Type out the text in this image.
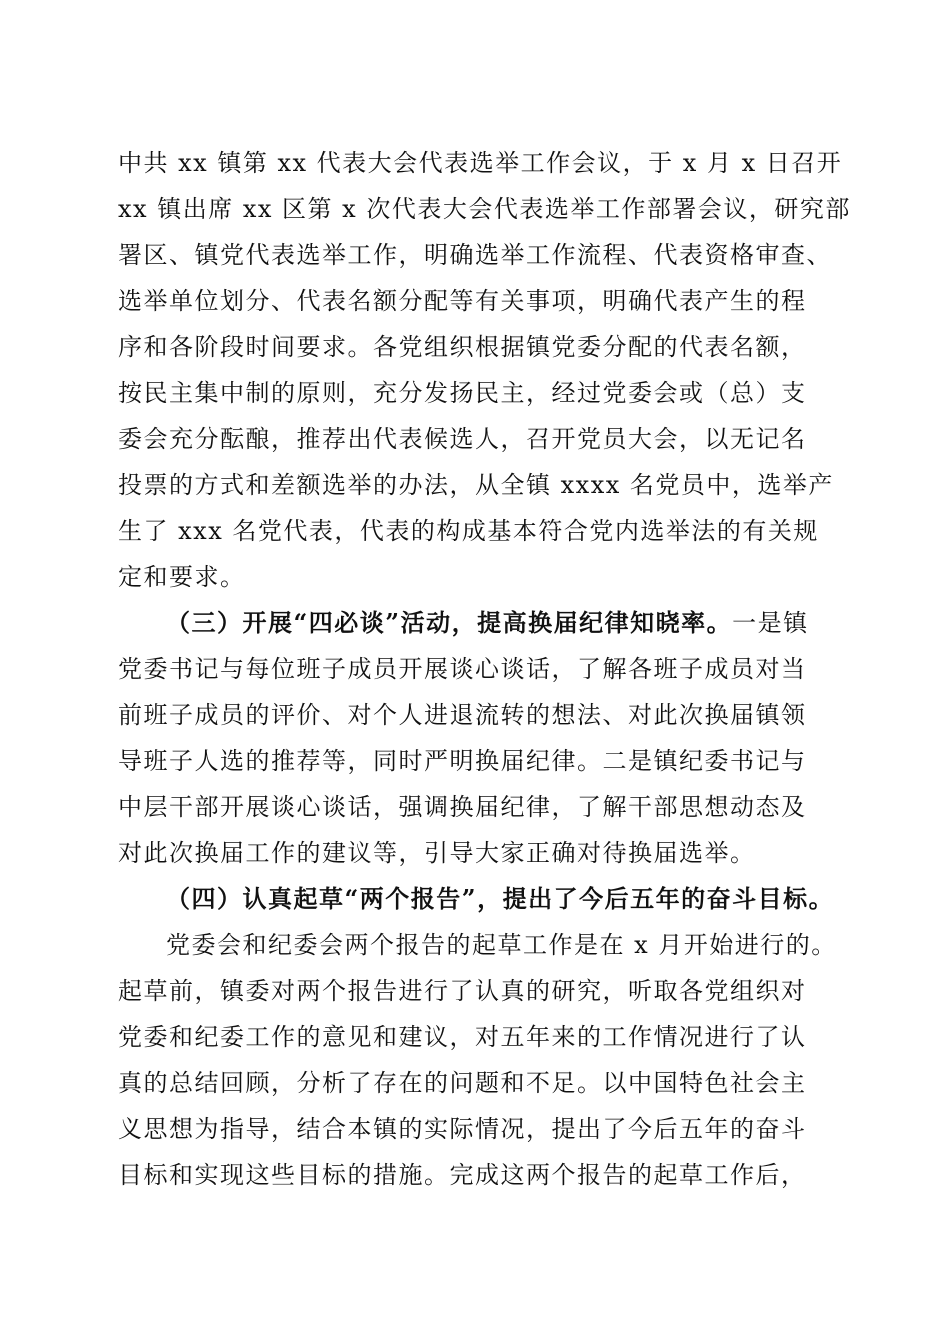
中共 xx 镇第 xx 代表大会代表选举工作会议，于 x 月 x 日召开
xx 镇出席 xx 区第 x 次代表大会代表选举工作部署会议，研究部
署区、镇党代表选举工作，明确选举工作流程、代表资格审查、
选举单位划分、代表名额分配等有关事项，明确代表产生的程
序和各阶段时间要求。各党组织根据镇党委分配的代表名额，
按民主集中制的原则，充分发扬民主，经过党委会或（总）支
委会充分酝酿，推荐出代表候选人，召开党员大会，以无记名
投票的方式和差额选举的办法，从全镇 xxxx 名党员中，选举产
生了 xxx 名党代表，代表的构成基本符合党内选举法的有关规
定和要求。
（三）开展“四必谈”活动，提高换届纪律知晓率。一是镇
党委书记与每位班子成员开展谈心谈话，了解各班子成员对当
前班子成员的评价、对个人进退流转的想法、对此次换届镇领
导班子人选的推荐等，同时严明换届纪律。二是镇纪委书记与
中层干部开展谈心谈话，强调换届纪律，了解干部思想动态及
对此次换届工作的建议等，引导大家正确对待换届选举。
（四）认真起草“两个报告”，提出了今后五年的奋斗目标。
党委会和纪委会两个报告的起草工作是在 x 月开始进行的。
起草前，镇委对两个报告进行了认真的研究，听取各党组织对
党委和纪委工作的意见和建议，对五年来的工作情况进行了认
真的总结回顾，分析了存在的问题和不足。以中国特色社会主
义思想为指导，结合本镇的实际情况，提出了今后五年的奋斗
目标和实现这些目标的措施。完成这两个报告的起草工作后，
